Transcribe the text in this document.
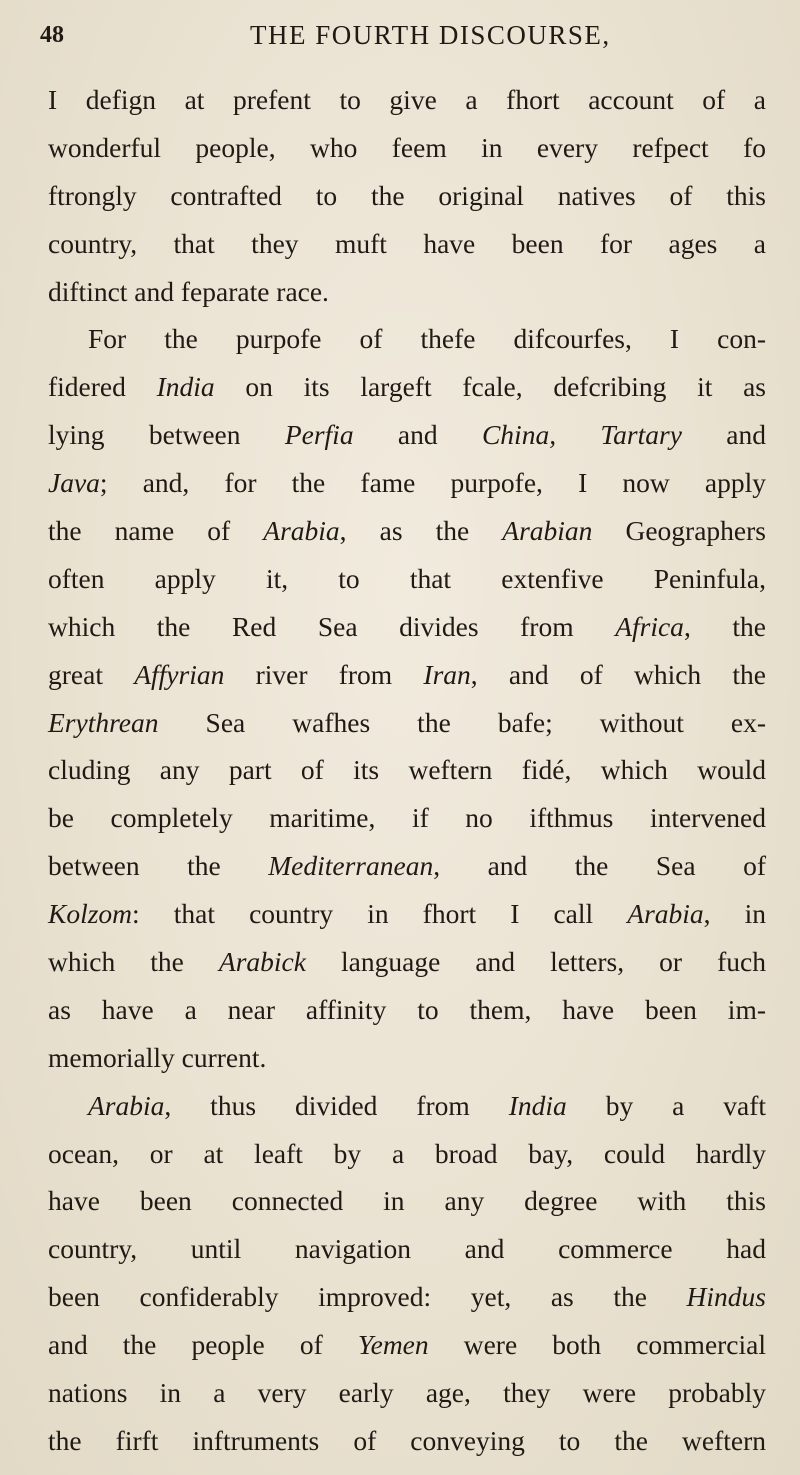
48	THE FOURTH DISCOURSE,
I defign at prefent to give a fhort account of a
wonderful people, who feem in every refpect fo
ftrongly contrafted to the original natives of this
country, that they muft have been for ages a
diftinct and feparate race.
For the purpofe of thefe difcourfes, I con-
fidered India on its largeft fcale, defcribing it as
lying between Perfia and China, Tartary and
Java; and, for the fame purpofe, I now apply
the name of Arabia, as the Arabian Geographers
often apply it, to that extenfive Peninfula,
which the Red Sea divides from Africa, the
great Affyrian river from Iran, and of which the
Erythrean Sea wafhes the bafe; without ex-
cluding any part of its weftern fidé, which would
be completely maritime, if no ifthmus intervened
between the Mediterranean, and the Sea of
Kolzom: that country in fhort I call Arabia, in
which the Arabick language and letters, or fuch
as have a near affinity to them, have been im-
memorially current.
Arabia, thus divided from India by a vaft
ocean, or at leaft by a broad bay, could hardly
have been connected in any degree with this
country, until navigation and commerce had
been confiderably improved: yet, as the Hindus
and the people of Yemen were both commercial
nations in a very early age, they were probably
the firft inftruments of conveying to the weftern
